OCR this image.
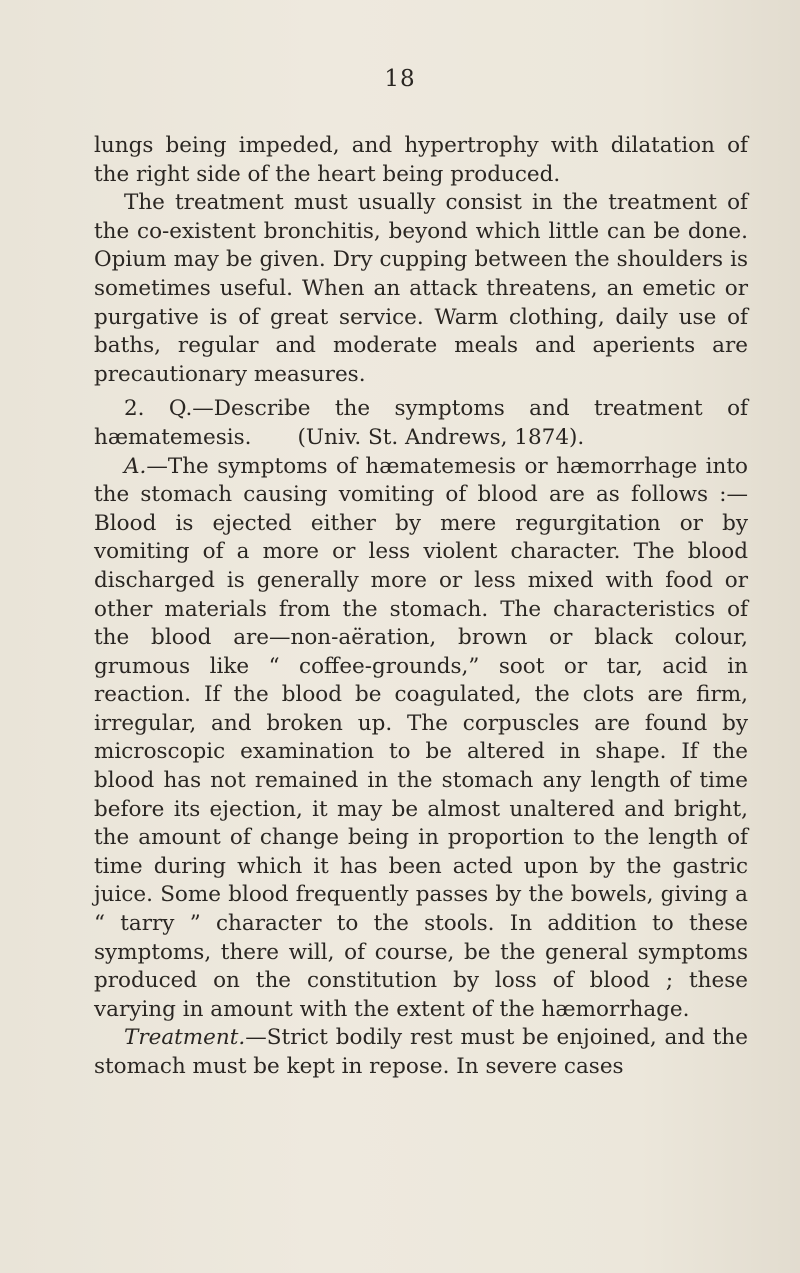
18

lungs being impeded, and hypertrophy with dilatation of the right side of the heart being produced.

The treatment must usually consist in the treatment of the co-existent bronchitis, beyond which little can be done. Opium may be given. Dry cupping between the shoulders is sometimes useful. When an attack threatens, an emetic or purgative is of great service. Warm clothing, daily use of baths, regular and moderate meals and aperients are precautionary measures.

2. Q.—Describe the symptoms and treatment of hæmatemesis. (Univ. St. Andrews, 1874).

A.—The symptoms of hæmatemesis or hæmorrhage into the stomach causing vomiting of blood are as follows :—Blood is ejected either by mere regurgitation or by vomiting of a more or less violent character. The blood discharged is generally more or less mixed with food or other materials from the stomach. The characteristics of the blood are—non-aëration, brown or black colour, grumous like “ coffee-grounds,” soot or tar, acid in reaction. If the blood be coagulated, the clots are firm, irregular, and broken up. The corpuscles are found by microscopic examination to be altered in shape. If the blood has not remained in the stomach any length of time before its ejection, it may be almost unaltered and bright, the amount of change being in proportion to the length of time during which it has been acted upon by the gastric juice. Some blood frequently passes by the bowels, giving a “ tarry ” character to the stools. In addition to these symptoms, there will, of course, be the general symptoms produced on the constitution by loss of blood ; these varying in amount with the extent of the hæmorrhage.

Treatment.—Strict bodily rest must be enjoined, and the stomach must be kept in repose. In severe cases
